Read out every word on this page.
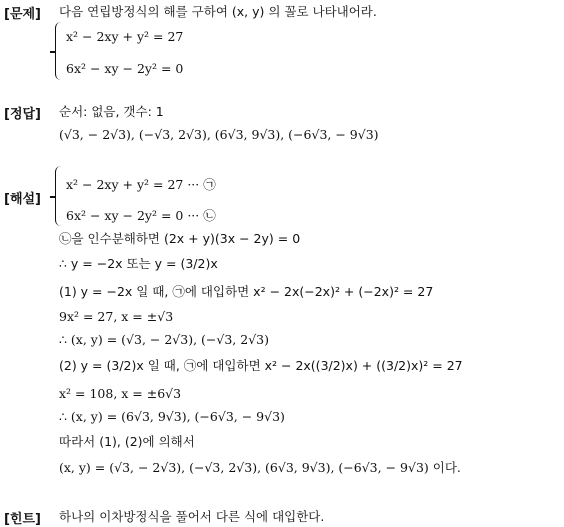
[문제] 다음 연립방정식의 해를 구하여 (x, y) 의 꼴로 나타내어라.
x² − 2xy + y² = 27
6x² − xy − 2y² = 0
[정답] 순서: 없음, 갯수: 1
(√3, − 2√3), (−√3, 2√3), (6√3, 9√3), (−6√3, − 9√3)
[해설]
x² − 2xy + y² = 27 ··· ㉠
6x² − xy − 2y² = 0 ··· ㉡
㉡을 인수분해하면 (2x + y)(3x − 2y) = 0
∴ y = −2x 또는 y = (3/2)x
(1) y = −2x 일 때, ㉠에 대입하면 x² − 2x(−2x)² + (−2x)² = 27
9x² = 27, x = ±√3
∴ (x, y) = (√3, − 2√3), (−√3, 2√3)
(2) y = (3/2)x 일 때, ㉠에 대입하면 x² − 2x((3/2)x) + ((3/2)x)² = 27
x² = 108, x = ±6√3
∴ (x, y) = (6√3, 9√3), (−6√3, − 9√3)
따라서 (1), (2)에 의해서
(x, y) = (√3, − 2√3), (−√3, 2√3), (6√3, 9√3), (−6√3, − 9√3) 이다.
[힌트] 하나의 이차방정식을 풀어서 다른 식에 대입한다.
